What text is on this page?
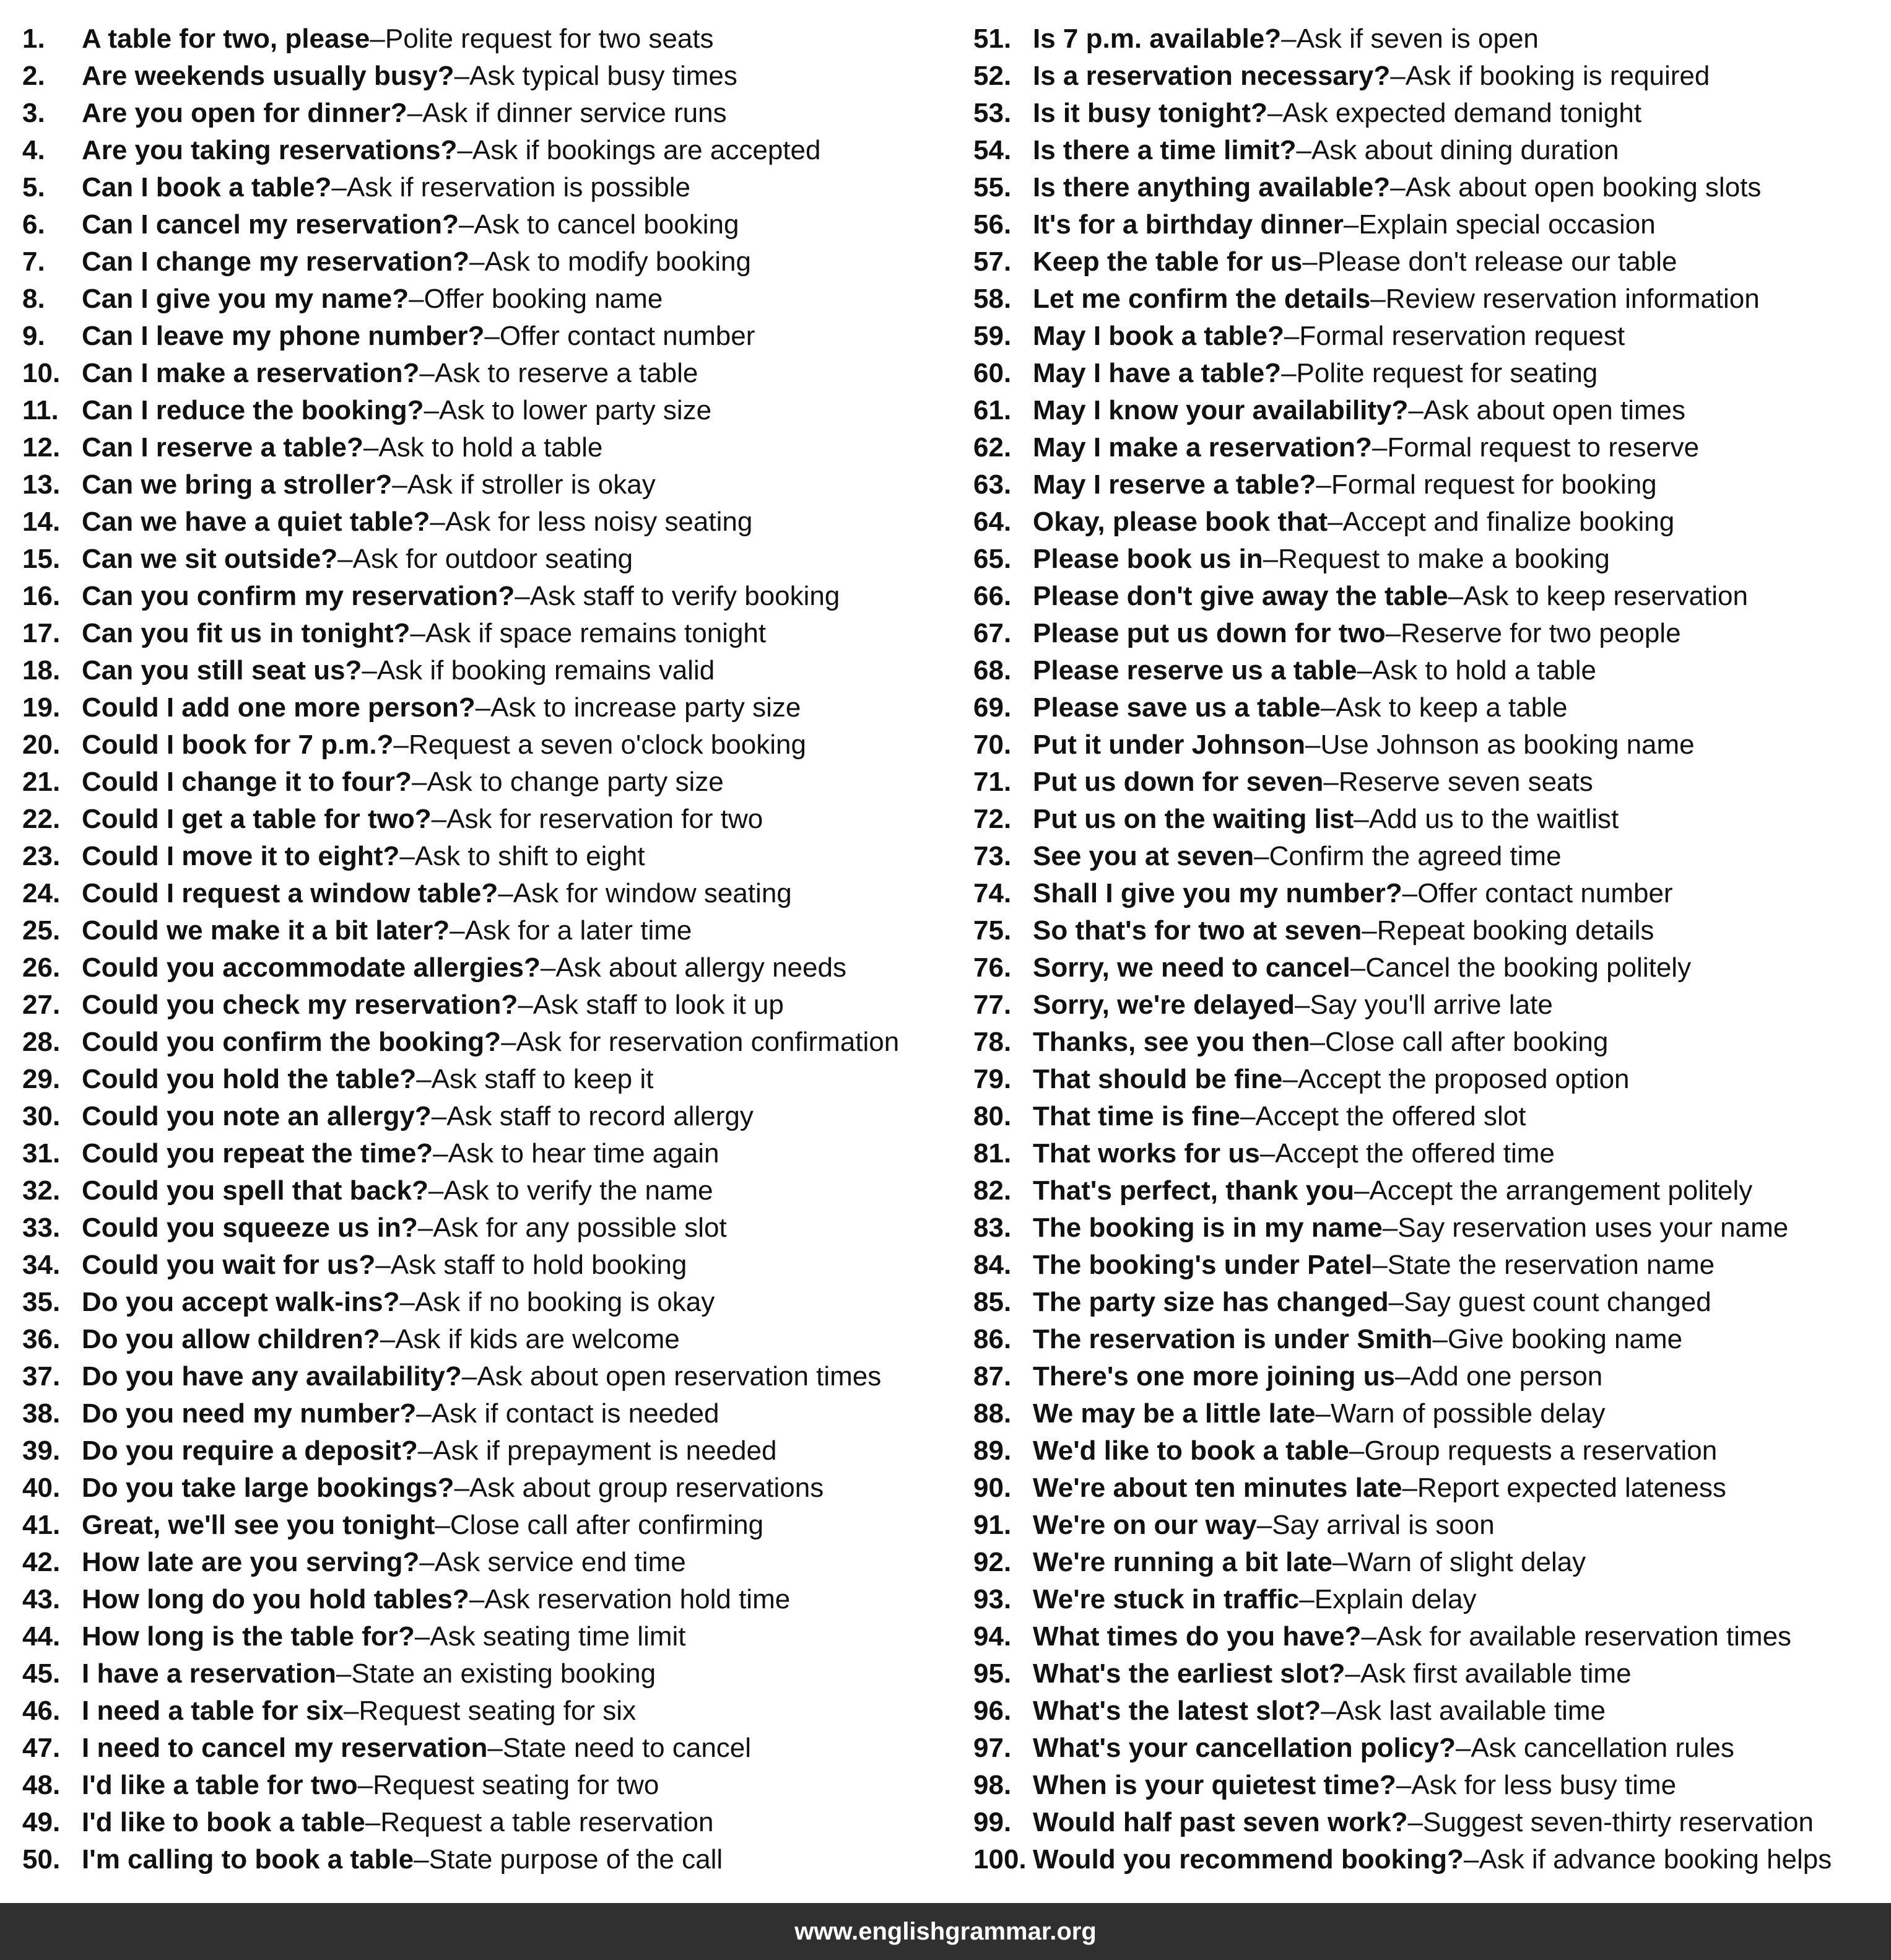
1.	A table for two, please – Polite request for two seats
2.	Are weekends usually busy? – Ask typical busy times
3.	Are you open for dinner? – Ask if dinner service runs
4.	Are you taking reservations? – Ask if bookings are accepted
5.	Can I book a table? – Ask if reservation is possible
6.	Can I cancel my reservation? – Ask to cancel booking
7.	Can I change my reservation? – Ask to modify booking
8.	Can I give you my name? – Offer booking name
9.	Can I leave my phone number? – Offer contact number
10. Can I make a reservation? – Ask to reserve a table
11. Can I reduce the booking? – Ask to lower party size
12. Can I reserve a table? – Ask to hold a table
13. Can we bring a stroller? – Ask if stroller is okay
14. Can we have a quiet table? – Ask for less noisy seating
15. Can we sit outside? – Ask for outdoor seating
16. Can you confirm my reservation? – Ask staff to verify booking
17. Can you fit us in tonight? – Ask if space remains tonight
18. Can you still seat us? – Ask if booking remains valid
19. Could I add one more person? – Ask to increase party size
20. Could I book for 7 p.m.? – Request a seven o'clock booking
21. Could I change it to four? – Ask to change party size
22. Could I get a table for two? – Ask for reservation for two
23. Could I move it to eight? – Ask to shift to eight
24. Could I request a window table? – Ask for window seating
25. Could we make it a bit later? – Ask for a later time
26. Could you accommodate allergies? – Ask about allergy needs
27. Could you check my reservation? – Ask staff to look it up
28. Could you confirm the booking? – Ask for reservation confirmation
29. Could you hold the table? – Ask staff to keep it
30. Could you note an allergy? – Ask staff to record allergy
31. Could you repeat the time? – Ask to hear time again
32. Could you spell that back? – Ask to verify the name
33. Could you squeeze us in? – Ask for any possible slot
34. Could you wait for us? – Ask staff to hold booking
35. Do you accept walk-ins? – Ask if no booking is okay
36. Do you allow children? – Ask if kids are welcome
37. Do you have any availability? – Ask about open reservation times
38. Do you need my number? – Ask if contact is needed
39. Do you require a deposit? – Ask if prepayment is needed
40. Do you take large bookings? – Ask about group reservations
41. Great, we'll see you tonight – Close call after confirming
42. How late are you serving? – Ask service end time
43. How long do you hold tables? – Ask reservation hold time
44. How long is the table for? – Ask seating time limit
45. I have a reservation – State an existing booking
46. I need a table for six – Request seating for six
47. I need to cancel my reservation – State need to cancel
48. I'd like a table for two – Request seating for two
49. I'd like to book a table – Request a table reservation
50. I'm calling to book a table – State purpose of the call
51. Is 7 p.m. available? – Ask if seven is open
52. Is a reservation necessary? – Ask if booking is required
53. Is it busy tonight? – Ask expected demand tonight
54. Is there a time limit? – Ask about dining duration
55. Is there anything available? – Ask about open booking slots
56. It's for a birthday dinner – Explain special occasion
57. Keep the table for us – Please don't release our table
58. Let me confirm the details – Review reservation information
59. May I book a table? – Formal reservation request
60. May I have a table? – Polite request for seating
61. May I know your availability? – Ask about open times
62. May I make a reservation? – Formal request to reserve
63. May I reserve a table? – Formal request for booking
64. Okay, please book that – Accept and finalize booking
65. Please book us in – Request to make a booking
66. Please don't give away the table – Ask to keep reservation
67. Please put us down for two – Reserve for two people
68. Please reserve us a table – Ask to hold a table
69. Please save us a table – Ask to keep a table
70. Put it under Johnson – Use Johnson as booking name
71. Put us down for seven – Reserve seven seats
72. Put us on the waiting list – Add us to the waitlist
73. See you at seven – Confirm the agreed time
74. Shall I give you my number? – Offer contact number
75. So that's for two at seven – Repeat booking details
76. Sorry, we need to cancel – Cancel the booking politely
77. Sorry, we're delayed – Say you'll arrive late
78. Thanks, see you then – Close call after booking
79. That should be fine – Accept the proposed option
80. That time is fine – Accept the offered slot
81. That works for us – Accept the offered time
82. That's perfect, thank you – Accept the arrangement politely
83. The booking is in my name – Say reservation uses your name
84. The booking's under Patel – State the reservation name
85. The party size has changed – Say guest count changed
86. The reservation is under Smith – Give booking name
87. There's one more joining us – Add one person
88. We may be a little late – Warn of possible delay
89. We'd like to book a table – Group requests a reservation
90. We're about ten minutes late – Report expected lateness
91. We're on our way – Say arrival is soon
92. We're running a bit late – Warn of slight delay
93. We're stuck in traffic – Explain delay
94. What times do you have? – Ask for available reservation times
95. What's the earliest slot? – Ask first available time
96. What's the latest slot? – Ask last available time
97. What's your cancellation policy? – Ask cancellation rules
98. When is your quietest time? – Ask for less busy time
99. Would half past seven work? – Suggest seven-thirty reservation
100. Would you recommend booking? – Ask if advance booking helps
www.englishgrammar.org
